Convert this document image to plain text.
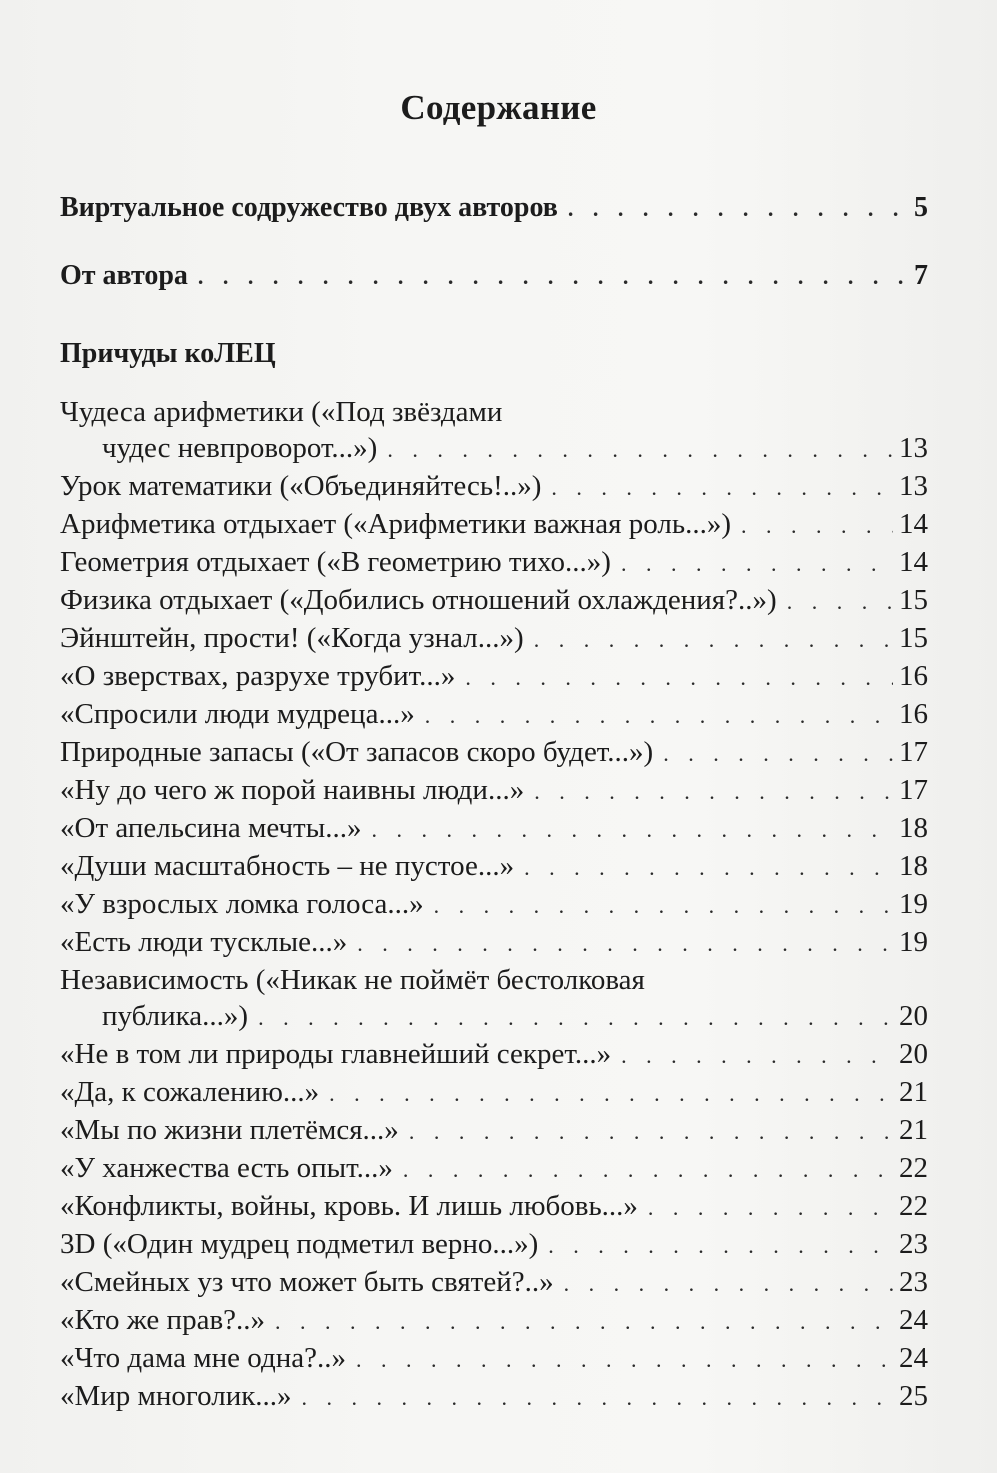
Содержание
Виртуальное содружество двух авторов . . .	5
От автора . . .	7
Причуды коЛЕЦ
Чудеса арифметики («Под звёздами
чудес невпроворот...») . . .	13
Урок математики («Объединяйтесь!..») . . .	13
Арифметика отдыхает («Арифметики важная роль...») . . .	14
Геометрия отдыхает («В геометрию тихо...») . . .	14
Физика отдыхает («Добились отношений охлаждения?..») . . .	15
Эйнштейн, прости! («Когда узнал...») . . .	15
«О зверствах, разрухе трубит...» . . .	16
«Спросили люди мудреца...» . . .	16
Природные запасы («От запасов скоро будет...») . . .	17
«Ну до чего ж порой наивны люди...» . . .	17
«От апельсина мечты...» . . .	18
«Души масштабность – не пустое...» . . .	18
«У взрослых ломка голоса...» . . .	19
«Есть люди тусклые...» . . .	19
Независимость («Никак не поймёт бестолковая
публика...») . . .	20
«Не в том ли природы главнейший секрет...» . . .	20
«Да, к сожалению...» . . .	21
«Мы по жизни плетёмся...» . . .	21
«У ханжества есть опыт...» . . .	22
«Конфликты, войны, кровь. И лишь любовь...» . . .	22
3D («Один мудрец подметил верно...») . . .	23
«Смейных уз что может быть святей?..» . . .	23
«Кто же прав?..» . . .	24
«Что дама мне одна?..» . . .	24
«Мир многолик...» . . .	25
